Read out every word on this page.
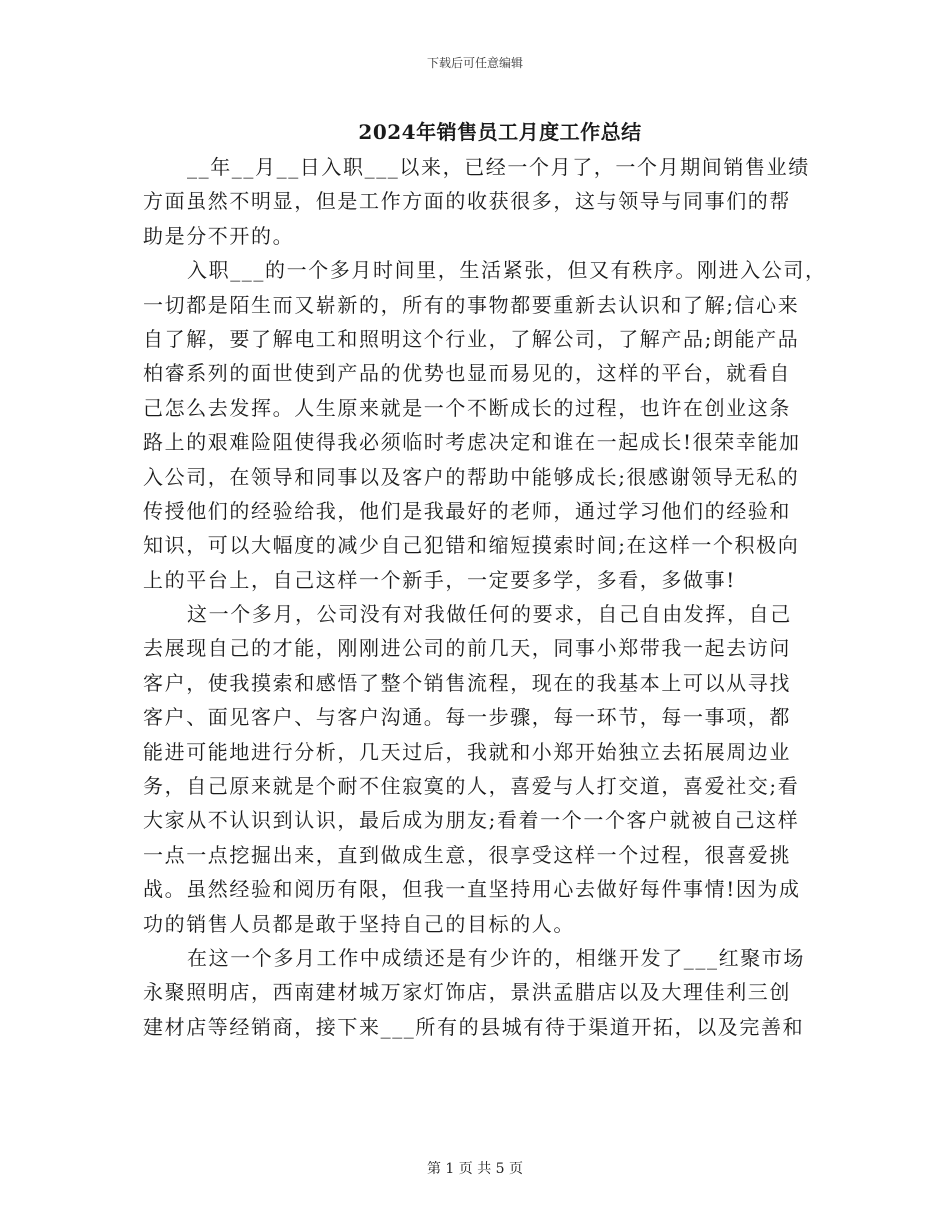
下载后可任意编辑
2024年销售员工月度工作总结
__年__月__日入职___以来，已经一个月了，一个月期间销售业绩
方面虽然不明显，但是工作方面的收获很多，这与领导与同事们的帮
助是分不开的。
入职___的一个多月时间里，生活紧张，但又有秩序。刚进入公司，
一切都是陌生而又崭新的，所有的事物都要重新去认识和了解;信心来
自了解，要了解电工和照明这个行业，了解公司，了解产品;朗能产品
柏睿系列的面世使到产品的优势也显而易见的，这样的平台，就看自
己怎么去发挥。人生原来就是一个不断成长的过程，也许在创业这条
路上的艰难险阻使得我必须临时考虑决定和谁在一起成长!很荣幸能加
入公司，在领导和同事以及客户的帮助中能够成长;很感谢领导无私的
传授他们的经验给我，他们是我最好的老师，通过学习他们的经验和
知识，可以大幅度的减少自己犯错和缩短摸索时间;在这样一个积极向
上的平台上，自己这样一个新手，一定要多学，多看，多做事!
这一个多月，公司没有对我做任何的要求，自己自由发挥，自己
去展现自己的才能，刚刚进公司的前几天，同事小郑带我一起去访问
客户，使我摸索和感悟了整个销售流程，现在的我基本上可以从寻找
客户、面见客户、与客户沟通。每一步骤，每一环节，每一事项，都
能进可能地进行分析，几天过后，我就和小郑开始独立去拓展周边业
务，自己原来就是个耐不住寂寞的人，喜爱与人打交道，喜爱社交;看
大家从不认识到认识，最后成为朋友;看着一个一个客户就被自己这样
一点一点挖掘出来，直到做成生意，很享受这样一个过程，很喜爱挑
战。虽然经验和阅历有限，但我一直坚持用心去做好每件事情!因为成
功的销售人员都是敢于坚持自己的目标的人。
在这一个多月工作中成绩还是有少许的，相继开发了___红聚市场
永聚照明店，西南建材城万家灯饰店，景洪孟腊店以及大理佳利三创
建材店等经销商，接下来___所有的县城有待于渠道开拓，以及完善和
第 1 页 共 5 页
